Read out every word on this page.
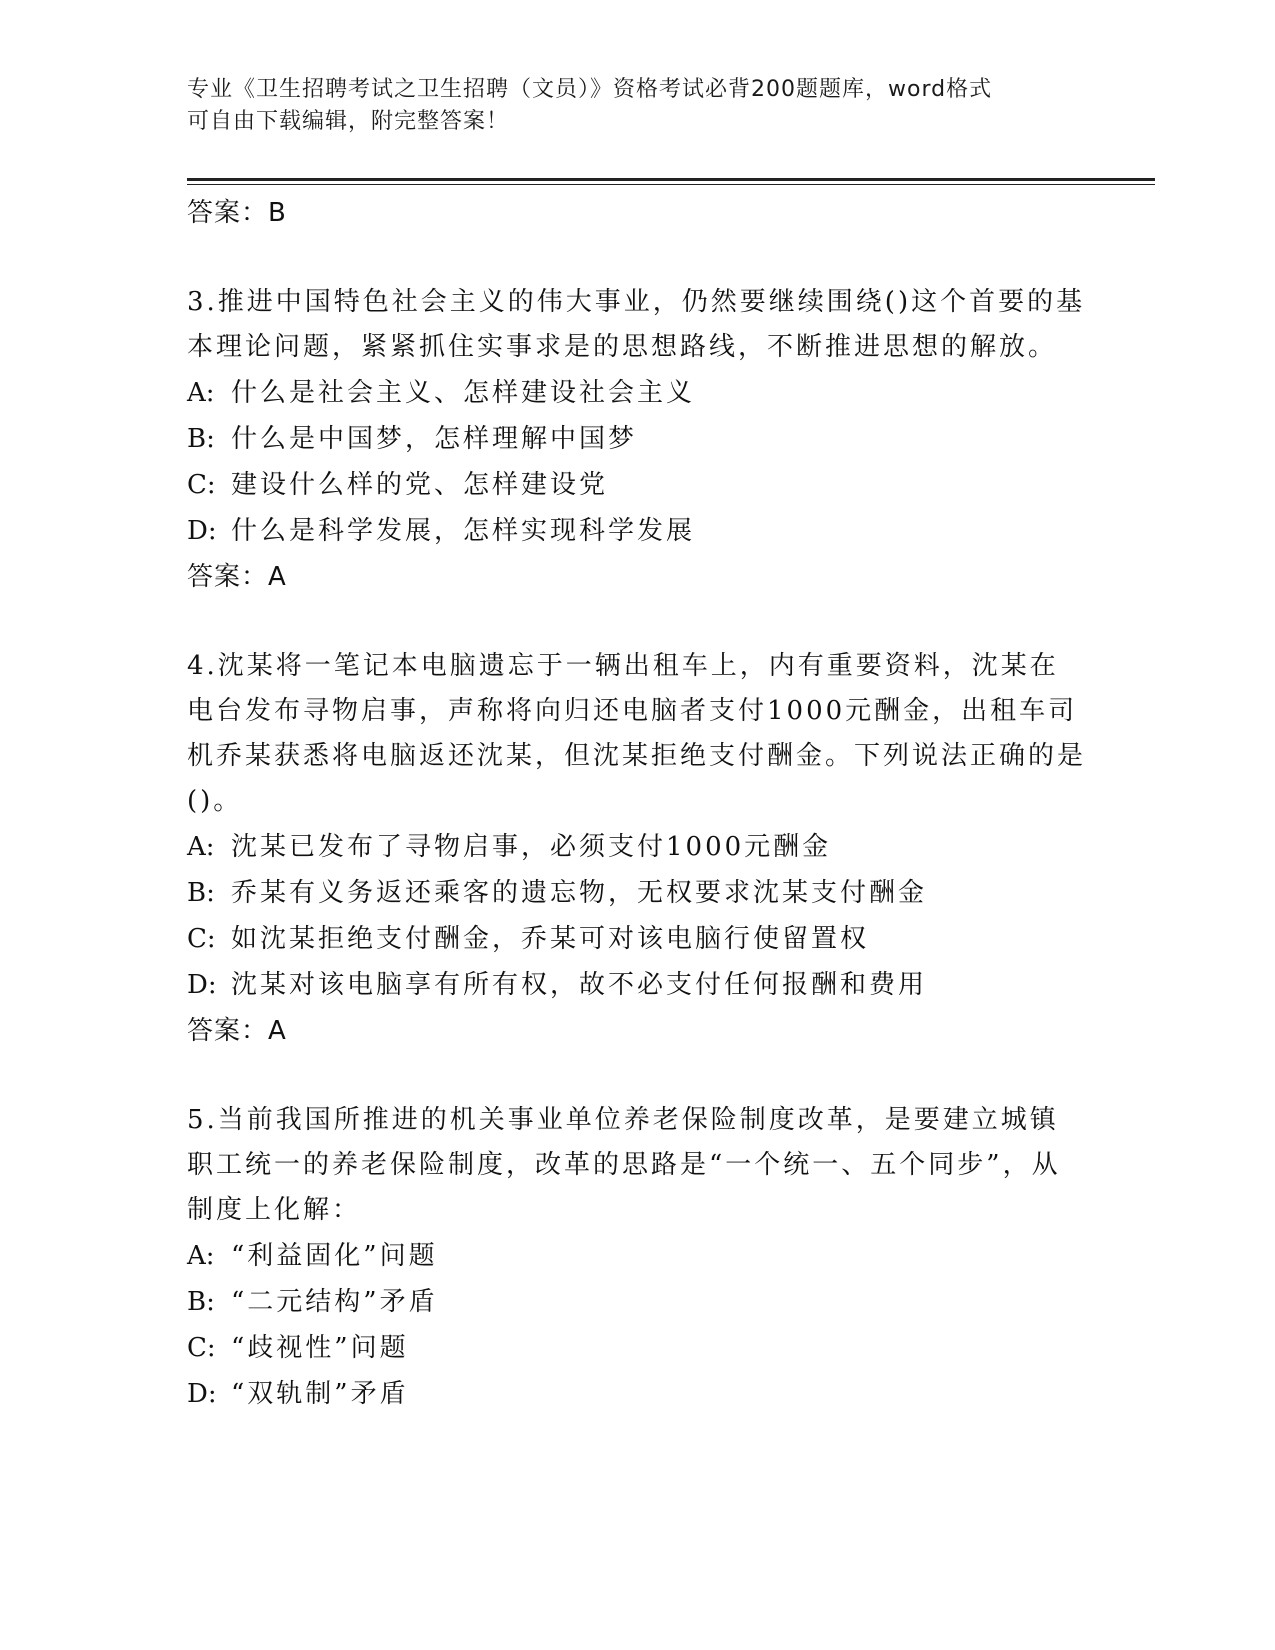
专业《卫生招聘考试之卫生招聘（文员）》资格考试必背200题题库，word格式
可自由下载编辑，附完整答案！
答案：B
3.推进中国特色社会主义的伟大事业，仍然要继续围绕()这个首要的基本理论问题，紧紧抓住实事求是的思想路线，不断推进思想的解放。
A: 什么是社会主义、怎样建设社会主义
B: 什么是中国梦，怎样理解中国梦
C: 建设什么样的党、怎样建设党
D: 什么是科学发展，怎样实现科学发展
答案：A
4.沈某将一笔记本电脑遗忘于一辆出租车上，内有重要资料，沈某在电台发布寻物启事，声称将向归还电脑者支付1000元酬金，出租车司机乔某获悉将电脑返还沈某，但沈某拒绝支付酬金。下列说法正确的是()。
A: 沈某已发布了寻物启事，必须支付1000元酬金
B: 乔某有义务返还乘客的遗忘物，无权要求沈某支付酬金
C: 如沈某拒绝支付酬金，乔某可对该电脑行使留置权
D: 沈某对该电脑享有所有权，故不必支付任何报酬和费用
答案：A
5.当前我国所推进的机关事业单位养老保险制度改革，是要建立城镇职工统一的养老保险制度，改革的思路是“一个统一、五个同步”，从制度上化解：
A: “利益固化”问题
B: “二元结构”矛盾
C: “歧视性”问题
D: “双轨制”矛盾
